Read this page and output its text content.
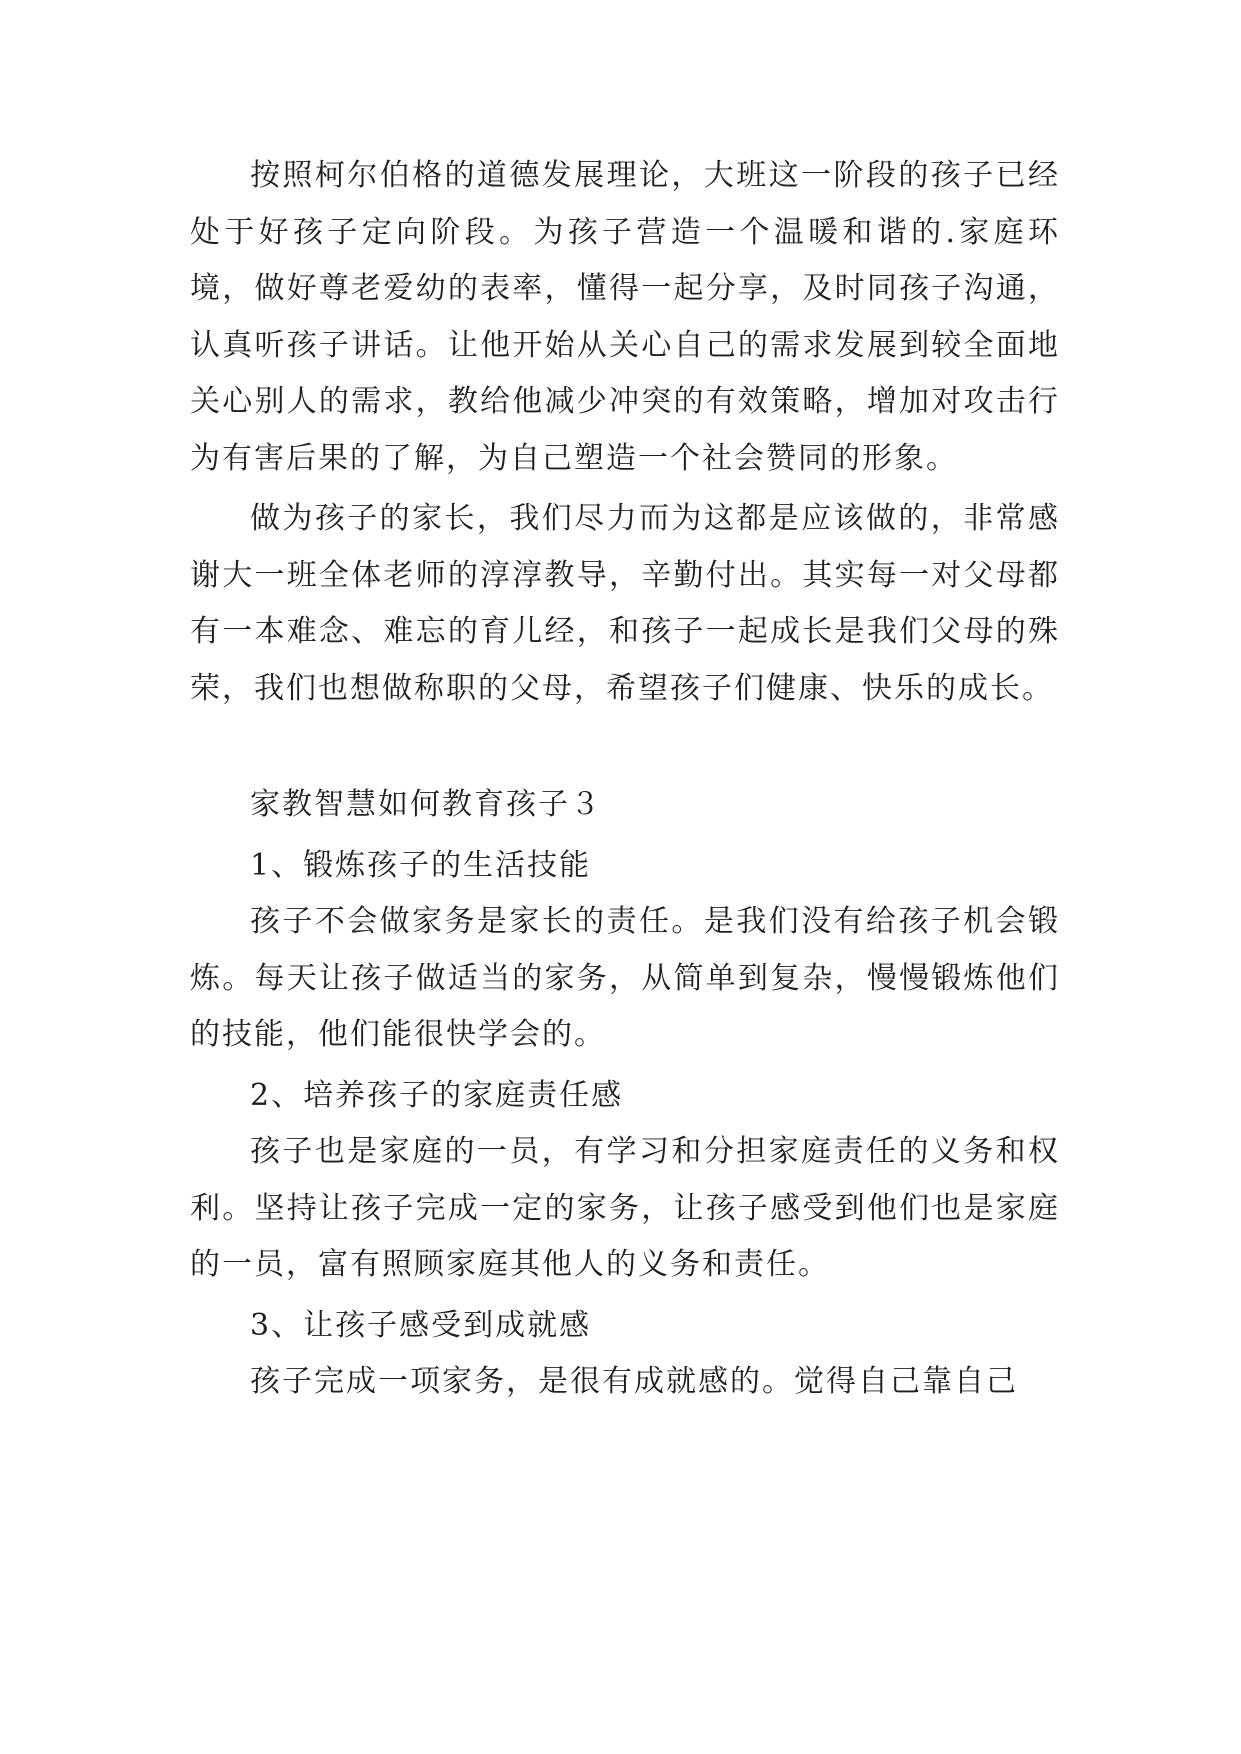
按照柯尔伯格的道德发展理论，大班这一阶段的孩子已经处于好孩子定向阶段。为孩子营造一个温暖和谐的.家庭环境，做好尊老爱幼的表率，懂得一起分享，及时同孩子沟通，认真听孩子讲话。让他开始从关心自己的需求发展到较全面地关心别人的需求，教给他减少冲突的有效策略，增加对攻击行为有害后果的了解，为自己塑造一个社会赞同的形象。

做为孩子的家长，我们尽力而为这都是应该做的，非常感谢大一班全体老师的淳淳教导，辛勤付出。其实每一对父母都有一本难念、难忘的育儿经，和孩子一起成长是我们父母的殊荣，我们也想做称职的父母，希望孩子们健康、快乐的成长。

家教智慧如何教育孩子３

1、锻炼孩子的生活技能

孩子不会做家务是家长的责任。是我们没有给孩子机会锻炼。每天让孩子做适当的家务，从简单到复杂，慢慢锻炼他们的技能，他们能很快学会的。

2、培养孩子的家庭责任感

孩子也是家庭的一员，有学习和分担家庭责任的义务和权利。坚持让孩子完成一定的家务，让孩子感受到他们也是家庭的一员，富有照顾家庭其他人的义务和责任。

3、让孩子感受到成就感

孩子完成一项家务，是很有成就感的。觉得自己靠自己
